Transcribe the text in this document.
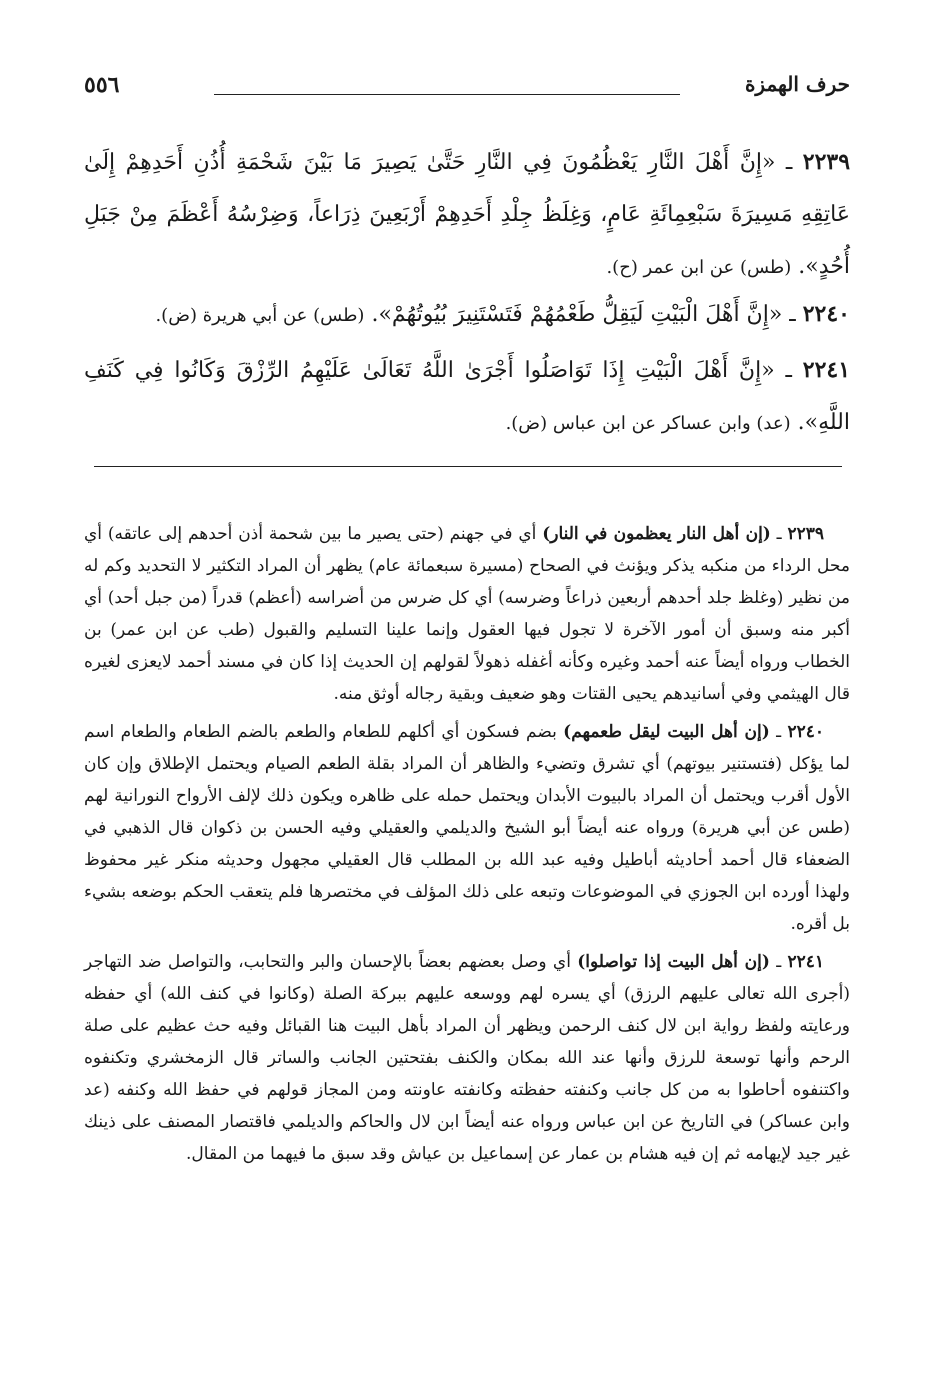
حرف الهمزة
٥٥٦
٢٢٣٩ ـ «إِنَّ أَهْلَ النَّارِ يَعْظُمُونَ فِي النَّارِ حَتَّىٰ يَصِيرَ مَا بَيْنَ شَحْمَةِ أُذُنِ أَحَدِهِمْ إِلَىٰ عَاتِقِهِ مَسِيرَةَ سَبْعِمِائَةِ عَامٍ، وَغِلَظُ جِلْدِ أَحَدِهِمْ أَرْبَعِينَ ذِرَاعاً، وَضِرْسُهُ أَعْظَمَ مِنْ جَبَلِ أُحُدٍ». (طس) عن ابن عمر (ح).
٢٢٤٠ ـ «إِنَّ أَهْلَ الْبَيْتِ لَيَقِلُّ طَعْمُهُمْ فَتَسْتَنِيرَ بُيُوتُهُمْ». (طس) عن أبي هريرة (ض).
٢٢٤١ ـ «إِنَّ أَهْلَ الْبَيْتِ إِذَا تَوَاصَلُوا أَجْرَىٰ اللَّهُ تَعَالَىٰ عَلَيْهِمُ الرِّزْقَ وَكَانُوا فِي كَنَفِ اللَّهِ». (عد) وابن عساكر عن ابن عباس (ض).

٢٢٣٩ ـ (إن أهل النار يعظمون في النار) أي في جهنم (حتى يصير ما بين شحمة أذن أحدهم إلى عاتقه) أي محل الرداء من منكبه يذكر ويؤنث في الصحاح (مسيرة سبعمائة عام) يظهر أن المراد التكثير لا التحديد وكم له من نظير (وغلظ جلد أحدهم أربعين ذراعاً وضرسه) أي كل ضرس من أضراسه (أعظم) قدراً (من جبل أحد) أي أكبر منه وسبق أن أمور الآخرة لا تجول فيها العقول وإنما علينا التسليم والقبول (طب عن ابن عمر) بن الخطاب ورواه أيضاً عنه أحمد وغيره وكأنه أغفله ذهولاً لقولهم إن الحديث إذا كان في مسند أحمد لايعزى لغيره قال الهيثمي وفي أسانيدهم يحيى القتات وهو ضعيف وبقية رجاله أوثق منه.

٢٢٤٠ ـ (إن أهل البيت ليقل طعمهم) بضم فسكون أي أكلهم للطعام والطعم بالضم الطعام والطعام اسم لما يؤكل (فتستنير بيوتهم) أي تشرق وتضيء والظاهر أن المراد بقلة الطعم الصيام ويحتمل الإطلاق وإن كان الأول أقرب ويحتمل أن المراد بالبيوت الأبدان ويحتمل حمله على ظاهره ويكون ذلك لإلف الأرواح النورانية لهم (طس عن أبي هريرة) ورواه عنه أيضاً أبو الشيخ والديلمي والعقيلي وفيه الحسن بن ذكوان قال الذهبي في الضعفاء قال أحمد أحاديثه أباطيل وفيه عبد الله بن المطلب قال العقيلي مجهول وحديثه منكر غير محفوظ ولهذا أورده ابن الجوزي في الموضوعات وتبعه على ذلك المؤلف في مختصرها فلم يتعقب الحكم بوضعه بشيء بل أقره.

٢٢٤١ ـ (إن أهل البيت إذا تواصلوا) أي وصل بعضهم بعضاً بالإحسان والبر والتحابب، والتواصل ضد التهاجر (أجرى الله تعالى عليهم الرزق) أي يسره لهم ووسعه عليهم ببركة الصلة (وكانوا في كنف الله) أي حفظه ورعايته ولفظ رواية ابن لال كنف الرحمن ويظهر أن المراد بأهل البيت هنا القبائل وفيه حث عظيم على صلة الرحم وأنها توسعة للرزق وأنها عند الله بمكان والكنف بفتحتين الجانب والساتر قال الزمخشري وتكنفوه واكتنفوه أحاطوا به من كل جانب وكنفته حفظته وكانفته عاونته ومن المجاز قولهم في حفظ الله وكنفه (عد وابن عساكر) في التاريخ عن ابن عباس ورواه عنه أيضاً ابن لال والحاكم والديلمي فاقتصار المصنف على ذينك غير جيد لإيهامه ثم إن فيه هشام بن عمار عن إسماعيل بن عياش وقد سبق ما فيهما من المقال.
